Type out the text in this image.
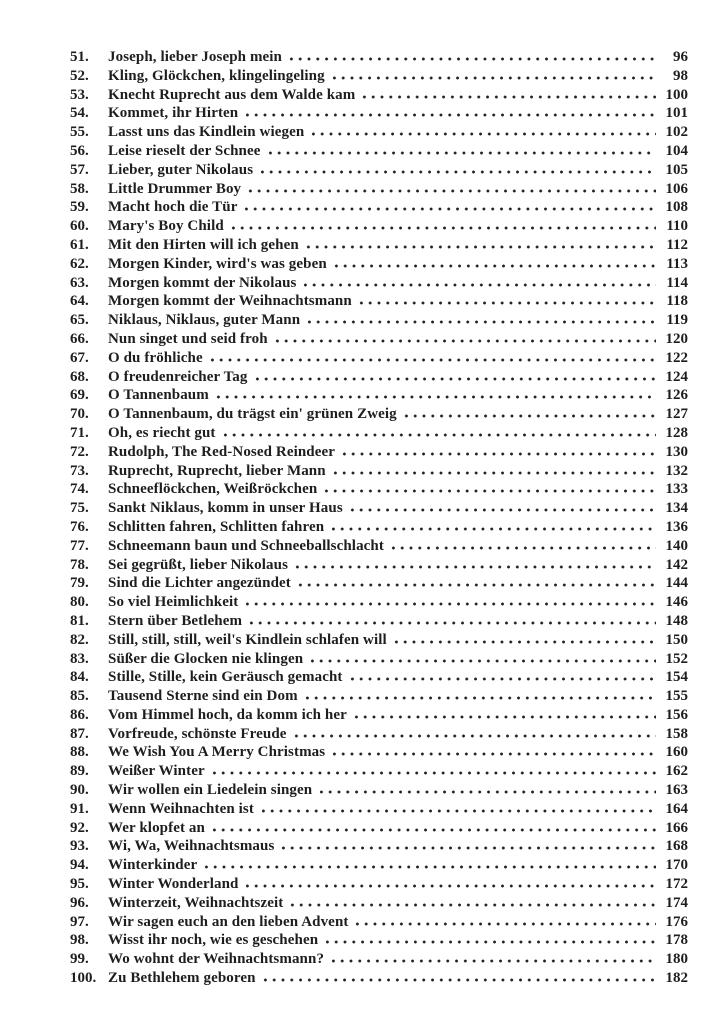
51.	Joseph, lieber Joseph mein	96
52.	Kling, Glöckchen, klingelingeling	98
53.	Knecht Ruprecht aus dem Walde kam	100
54.	Kommet, ihr Hirten	101
55.	Lasst uns das Kindlein wiegen	102
56.	Leise rieselt der Schnee	104
57.	Lieber, guter Nikolaus	105
58.	Little Drummer Boy	106
59.	Macht hoch die Tür	108
60.	Mary's Boy Child	110
61.	Mit den Hirten will ich gehen	112
62.	Morgen Kinder, wird's was geben	113
63.	Morgen kommt der Nikolaus	114
64.	Morgen kommt der Weihnachtsmann	118
65.	Niklaus, Niklaus, guter Mann	119
66.	Nun singet und seid froh	120
67.	O du fröhliche	122
68.	O freudenreicher Tag	124
69.	O Tannenbaum	126
70.	O Tannenbaum, du trägst ein' grünen Zweig	127
71.	Oh, es riecht gut	128
72.	Rudolph, The Red-Nosed Reindeer	130
73.	Ruprecht, Ruprecht, lieber Mann	132
74.	Schneeflöckchen, Weißröckchen	133
75.	Sankt Niklaus, komm in unser Haus	134
76.	Schlitten fahren, Schlitten fahren	136
77.	Schneemann baun und Schneeballschlacht	140
78.	Sei gegrüßt, lieber Nikolaus	142
79.	Sind die Lichter angezündet	144
80.	So viel Heimlichkeit	146
81.	Stern über Betlehem	148
82.	Still, still, still, weil's Kindlein schlafen will	150
83.	Süßer die Glocken nie klingen	152
84.	Stille, Stille, kein Geräusch gemacht	154
85.	Tausend Sterne sind ein Dom	155
86.	Vom Himmel hoch, da komm ich her	156
87.	Vorfreude, schönste Freude	158
88.	We Wish You A Merry Christmas	160
89.	Weißer Winter	162
90.	Wir wollen ein Liedelein singen	163
91.	Wenn Weihnachten ist	164
92.	Wer klopfet an	166
93.	Wi, Wa, Weihnachtsmaus	168
94.	Winterkinder	170
95.	Winter Wonderland	172
96.	Winterzeit, Weihnachtszeit	174
97.	Wir sagen euch an den lieben Advent	176
98.	Wisst ihr noch, wie es geschehen	178
99.	Wo wohnt der Weihnachtsmann?	180
100. Zu Bethlehem geboren	182
